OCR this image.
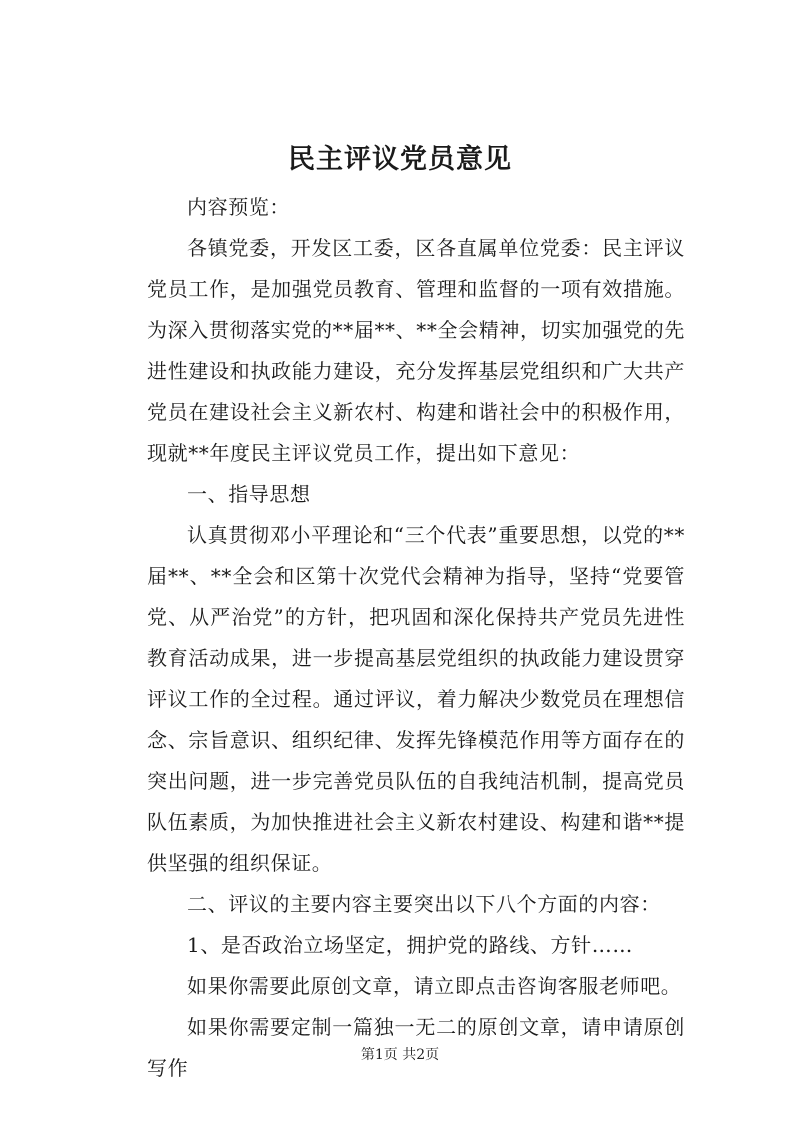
民主评议党员意见

内容预览：

各镇党委，开发区工委，区各直属单位党委：民主评议党员工作，是加强党员教育、管理和监督的一项有效措施。为深入贯彻落实党的**届**、**全会精神，切实加强党的先进性建设和执政能力建设，充分发挥基层党组织和广大共产党员在建设社会主义新农村、构建和谐社会中的积极作用，现就**年度民主评议党员工作，提出如下意见：

一、指导思想

认真贯彻邓小平理论和“三个代表”重要思想，以党的**届**、**全会和区第十次党代会精神为指导，坚持“党要管党、从严治党”的方针，把巩固和深化保持共产党员先进性教育活动成果，进一步提高基层党组织的执政能力建设贯穿评议工作的全过程。通过评议，着力解决少数党员在理想信念、宗旨意识、组织纪律、发挥先锋模范作用等方面存在的突出问题，进一步完善党员队伍的自我纯洁机制，提高党员队伍素质，为加快推进社会主义新农村建设、构建和谐**提供坚强的组织保证。

二、评议的主要内容主要突出以下八个方面的内容：

1、是否政治立场坚定，拥护党的路线、方针……

如果你需要此原创文章，请立即点击咨询客服老师吧。

如果你需要定制一篇独一无二的原创文章，请申请原创写作

第1页 共2页
